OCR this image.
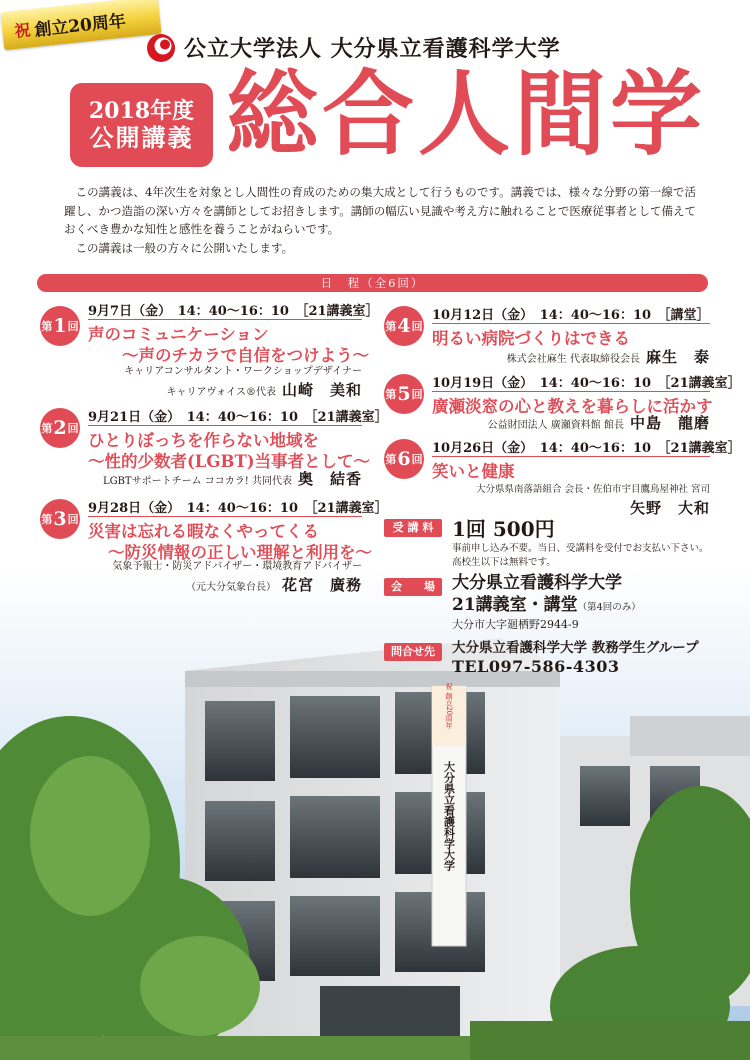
祝 創立20周年
公立大学法人 大分県立看護科学大学
2018年度
公開講義 総合人間学

この講義は、4年次生を対象とし人間性の育成のための集大成として行うものです。講義では、様々な分野の第一線で活躍し、かつ造詣の深い方々を講師としてお招きします。講師の幅広い見識や考え方に触れることで医療従事者として備えておくべき豊かな知性と感性を養うことがねらいです。

この講義は一般の方々に公開いたします。

日　程（全6回）
祝 創立20周年
大分県立看護科学大学
第 1 回
9月7日（金）　14：40〜16：10　［21講義室］
声のコミュニケーション
〜声のチカラで自信をつけよう〜
キャリアコンサルタント・ワークショップデザイナー
キャリアヴォイス®代表 山崎　美和
第 2 回
9月21日（金）　14：40〜16：10　［21講義室］
ひとりぼっちを作らない地域を
〜性的少数者(LGBT)当事者として〜
LGBTサポートチーム ココカラ! 共同代表 奥　結香
第 3 回
9月28日（金）　14：40〜16：10　［21講義室］
災害は忘れる暇なくやってくる
〜防災情報の正しい理解と利用を〜
気象予報士・防災アドバイザー・環境教育アドバイザー
（元大分気象台長） 花宮　廣務
第 4 回
10月12日（金）　14：40〜16：10　［講堂］
明るい病院づくりはできる
株式会社麻生 代表取締役会長 麻生　泰
第 5 回
10月19日（金）　14：40〜16：10　［21講義室］
廣瀬淡窓の心と教えを暮らしに活かす
公益財団法人 廣瀬資料館 館長 中島　龍磨
第 6 回
10月26日（金）　14：40〜16：10　［21講義室］
笑いと健康
大分県県南落語組合 会長・佐伯市宇目鷹鳥屋神社 宮司
矢野　大和
受 講 料 1回 500円
事前申し込み不要。当日、受講料を受付でお支払い下さい。
高校生以下は無料です。
会　　場	大分県立看護科学大学
21講義室・講堂（第4回のみ）
大分市大字廻栖野2944-9
問合せ先	大分県立看護科学大学 教務学生グループ
TEL097-586-4303
